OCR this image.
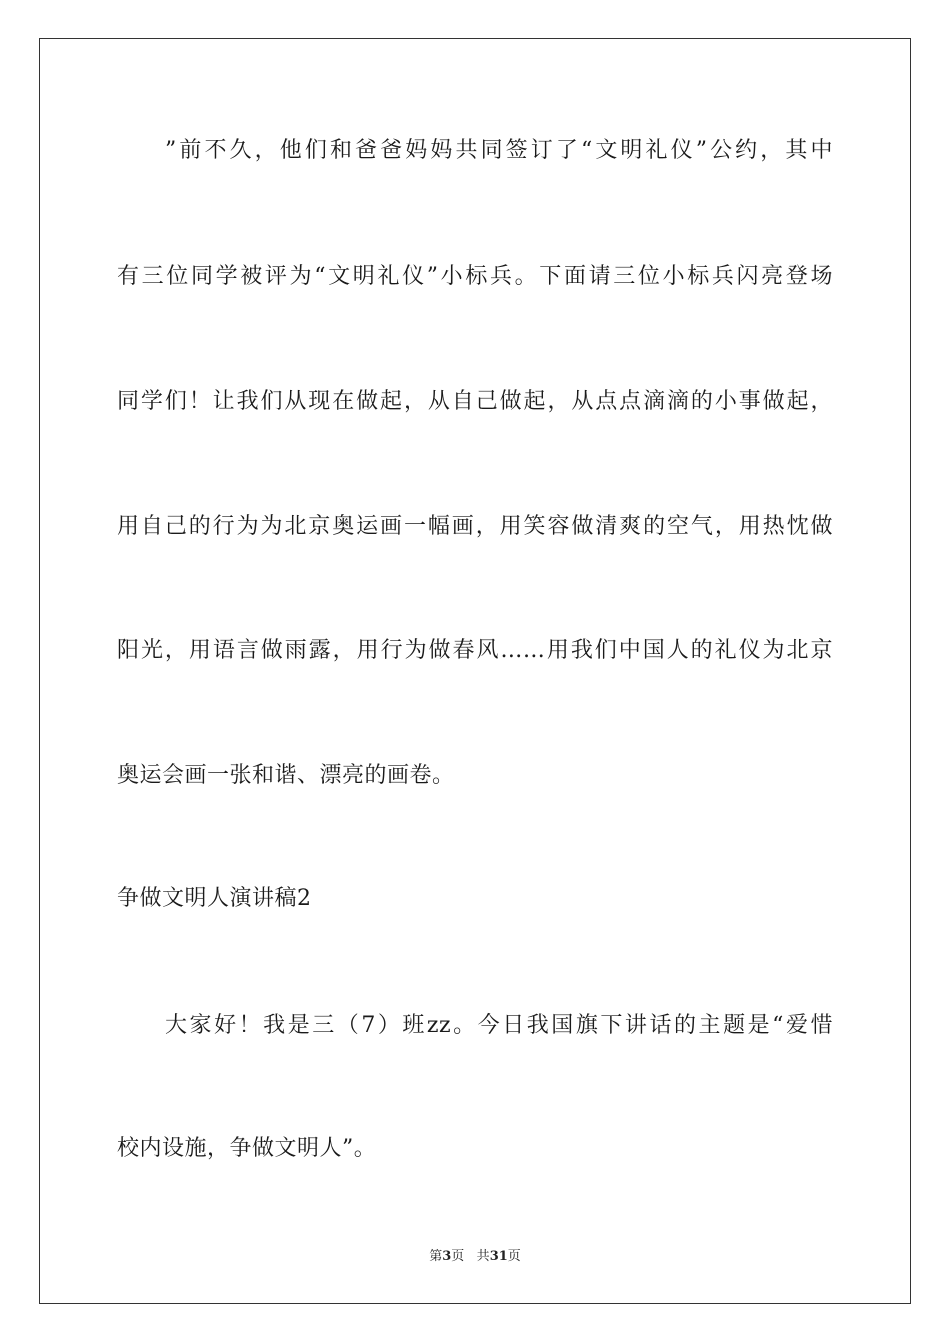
”前不久，他们和爸爸妈妈共同签订了“文明礼仪”公约，其中
有三位同学被评为“文明礼仪”小标兵。下面请三位小标兵闪亮登场
同学们！让我们从现在做起，从自己做起，从点点滴滴的小事做起，
用自己的行为为北京奥运画一幅画，用笑容做清爽的空气，用热忱做
阳光，用语言做雨露，用行为做春风……用我们中国人的礼仪为北京
奥运会画一张和谐、漂亮的画卷。
争做文明人演讲稿2
大家好！我是三（7）班zz。今日我国旗下讲话的主题是“爱惜
校内设施，争做文明人”。
第3页 共31页
